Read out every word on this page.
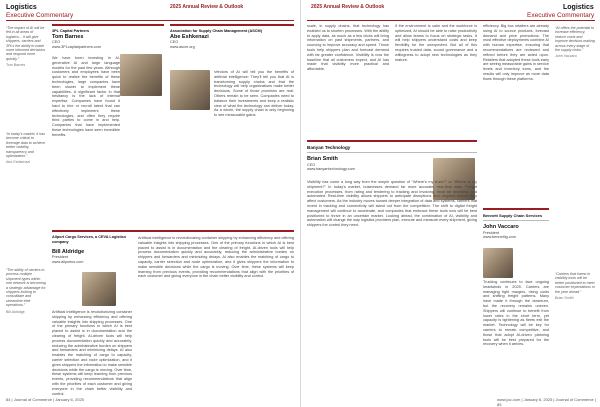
Logistics	2025 Annual Review & Outlook
Executive Commentary
“The impact of AI will be felt in all areas of logistics... It will give shippers, carriers and 3PLs the ability to make more informed decisions and respond more quickly.”
Tom Barnes
“In today's market, it has become critical to leverage data to achieve better visibility, transparency and optimization.”
Abe Eshkenazi
“The ability of carriers to process multiple shipment types within one network is becoming a strategic advantage for shippers looking to consolidate and streamline their operations.”
Bill Aldridge
3PL Capital Partners
Tom Barnes
CEO
www.3PLcapitalpartners.com

We have been investing in AI, generative AI and large language models for the past few years. Although customers and employees have been quick to realize the benefits of these technologies, large companies have been slower to implement these capabilities. A significant factor in that hesitancy is the lack of internal expertise. Companies have found it hard to hire or recruit talent that can effectively implement these technologies, and often they require third parties to come in and help. Companies that have implemented these technologies have seen incredible benefits.

Association for Supply Chain Management (ASCM)
Abe Eshkenazi
CEO
www.ascm.org

Vendors of AI will tell you the benefits of artificial intelligence: They'll tell you that AI is transforming supply chains and that the technology will help organizations make better decisions. Some of those promises are real. Others remain to be seen. Companies need to balance their investments and keep a realistic view of what the technology can deliver today. As a whole, the supply chain is only beginning to see measurable gains.

Allport Cargo Services, a CEVA Logistics company
Bill Aldridge
President
www.allportcs.com

Artificial intelligence is revolutionizing container shipping by enhancing efficiency and offering valuable insights into shipping processes. One of the primary functions in which AI is best placed to assist is in documentation and the clearing of freight. AI-driven tools will help process documentation quickly and accurately, reducing the administrative burden on shippers and forwarders and minimizing delays. AI also enables the matching of cargo to capacity, carrier selection and route optimization, and it gives shippers the information to make sensible decisions while the cargo is moving. Over time, these systems will keep learning from previous events, providing recommendations that align with the priorities of each customer and giving everyone in the chain better visibility and control.

Artificial intelligence is revolutionizing container shipping by enhancing efficiency and offering valuable insights into shipping processes. One of the primary functions in which AI is best placed to assist is in documentation and the clearing of freight. AI-driven tools will help process documentation quickly and accurately, reducing the administrative burden on shippers and forwarders and minimizing delays. AI also enables the matching of cargo to capacity, carrier selection and route optimization, and it gives shippers the information to make sensible decisions while the cargo is moving. Over time, these systems will keep learning from previous events, providing recommendations that align with the priorities of each customer and giving everyone in the chain better visibility and control.

84 | Journal of Commerce | January 6, 2025
2025 Annual Review & Outlook	Logistics
Executive Commentary

scale, in supply chains, that technology has enabled us to shorten processes. With the ability to apply data, as much as a few clicks will bring information on past shipments, partners, and sourcing to improve accuracy and speed. Those tools help shippers plan and forecast demand with far greater confidence. Visibility is now the baseline that all customers expect, and AI has made that visibility more practical and affordable.

If the environment is calm and the workforce is optimized, AI should be able to raise productivity and allow teams to focus on strategic tasks. It will help shippers understand costs and keep flexibility for the unexpected. But all of this requires trusted data, sound governance and a willingness to adopt new technologies as they mature.

efficiency. Big box retailers are already using AI to source products, forecast demand and price promotions. The most effective deployments combine AI with human expertise, ensuring that recommendations are reviewed and refined before they are acted upon. Retailers that adopted these tools early are seeing measurable gains in service levels and inventory turns, and the results will only improve as more data flows through these platforms.

“AI offers the potential to increase efficiency, reduce costs and improve decision-making across every stage of the supply chain.”
John Vaccaro
“Carriers that invest in visibility tools will be better positioned to meet customer expectations in the year ahead.”
Brian Smith
Banyan Technology
Brian Smith
CEO
www.banyantechnology.com

Visibility has come a long way from the simple question of “Where's my truck?” or “Where is my shipment?” In today's market, businesses demand far more accurate, real-time data. Freight execution processes, from rating and tendering to tracking and invoicing, must be seamless and automated. Real-time visibility allows shippers to anticipate disruptions and respond before they affect customers. As the industry moves toward deeper integration of data and systems, carriers that invest in tracking and connectivity will stand out from the competition. The shift to digital freight management will continue to accelerate, and companies that embrace these tools now will be best positioned to thrive in an uncertain market. Looking ahead, the combination of AI, visibility and automation will change the way logistics providers plan, execute and measure every shipment, giving shippers the control they need.

Bennett Supply Chain Services
John Vaccaro
President
www.bennettig.com

Trucking continues to face ongoing headwinds in 2025. Carriers are managing tight margins, rising costs and shifting freight patterns. Many have made it through the downturn, but the recovery remains uneven. Shippers will continue to benefit from lower rates in the short term, yet capacity is tightening as fleets exit the market. Technology will be key for carriers to remain competitive, and those that adopt AI-driven planning tools will be best prepared for the recovery when it arrives.

www.joc.com | January 6, 2025 | Journal of Commerce | 85
